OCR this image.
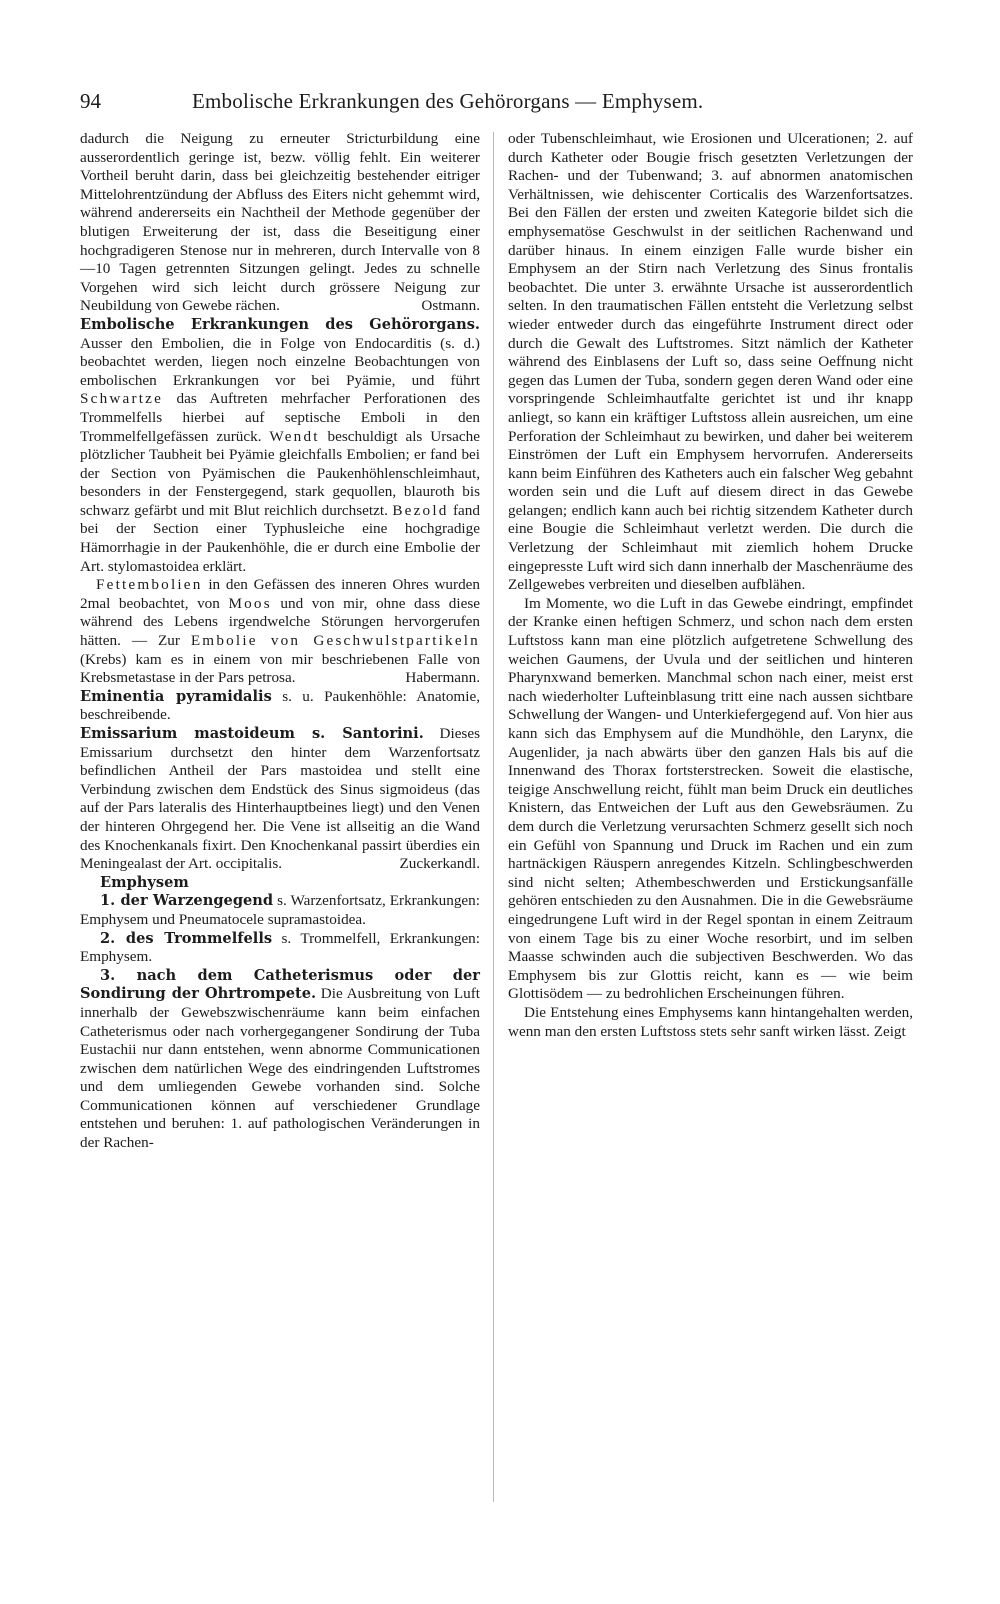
94	Embolische Erkrankungen des Gehörorgans — Emphysem.

dadurch die Neigung zu erneuter Stricturbildung eine ausserordentlich geringe ist, bezw. völlig fehlt. Ein weiterer Vortheil beruht darin, dass bei gleichzeitig bestehender eitriger Mittelohrentzündung der Abfluss des Eiters nicht gehemmt wird, während andererseits ein Nachtheil der Methode gegenüber der blutigen Erweiterung der ist, dass die Beseitigung einer hochgradigeren Stenose nur in mehreren, durch Intervalle von 8—10 Tagen getrennten Sitzungen gelingt. Jedes zu schnelle Vorgehen wird sich leicht durch grössere Neigung zur Neubildung von Gewebe rächen.	Ostmann.

Embolische Erkrankungen des Gehörorgans. Ausser den Embolien, die in Folge von Endocarditis (s. d.) beobachtet werden, liegen noch einzelne Beobachtungen von embolischen Erkrankungen vor bei Pyämie, und führt Schwartze das Auftreten mehrfacher Perforationen des Trommelfells hierbei auf septische Emboli in den Trommelfellgefässen zurück. Wendt beschuldigt als Ursache plötzlicher Taubheit bei Pyämie gleichfalls Embolien; er fand bei der Section von Pyämischen die Paukenhöhlenschleimhaut, besonders in der Fenstergegend, stark gequollen, blauroth bis schwarz gefärbt und mit Blut reichlich durchsetzt. Bezold fand bei der Section einer Typhusleiche eine hochgradige Hämorrhagie in der Paukenhöhle, die er durch eine Embolie der Art. stylomastoidea erklärt.

Fettembolien in den Gefässen des inneren Ohres wurden 2mal beobachtet, von Moos und von mir, ohne dass diese während des Lebens irgendwelche Störungen hervorgerufen hätten. — Zur Embolie von Geschwulstpartikeln (Krebs) kam es in einem von mir beschriebenen Falle von Krebsmetastase in der Pars petrosa.	Habermann.

Eminentia pyramidalis s. u. Paukenhöhle: Anatomie, beschreibende.

Emissarium mastoideum s. Santorini. Dieses Emissarium durchsetzt den hinter dem Warzenfortsatz befindlichen Antheil der Pars mastoidea und stellt eine Verbindung zwischen dem Endstück des Sinus sigmoideus (das auf der Pars lateralis des Hinterhauptbeines liegt) und den Venen der hinteren Ohrgegend her. Die Vene ist allseitig an die Wand des Knochenkanals fixirt. Den Knochenkanal passirt überdies ein Meningealast der Art. occipitalis.	Zuckerkandl.

Emphysem

1. der Warzengegend s. Warzenfortsatz, Erkrankungen: Emphysem und Pneumatocele supramastoidea.

2. des Trommelfells s. Trommelfell, Erkrankungen: Emphysem.

3. nach dem Catheterismus oder der Sondirung der Ohrtrompete. Die Ausbreitung von Luft innerhalb der Gewebszwischenräume kann beim einfachen Catheterismus oder nach vorhergegangener Sondirung der Tuba Eustachii nur dann entstehen, wenn abnorme Communicationen zwischen dem natürlichen Wege des eindringenden Luftstromes und dem umliegenden Gewebe vorhanden sind. Solche Communicationen können auf verschiedener Grundlage entstehen und beruhen: 1. auf pathologischen Veränderungen in der Rachen-

oder Tubenschleimhaut, wie Erosionen und Ulcerationen; 2. auf durch Katheter oder Bougie frisch gesetzten Verletzungen der Rachen- und der Tubenwand; 3. auf abnormen anatomischen Verhältnissen, wie dehiscenter Corticalis des Warzenfortsatzes. Bei den Fällen der ersten und zweiten Kategorie bildet sich die emphysematöse Geschwulst in der seitlichen Rachenwand und darüber hinaus. In einem einzigen Falle wurde bisher ein Emphysem an der Stirn nach Verletzung des Sinus frontalis beobachtet. Die unter 3. erwähnte Ursache ist ausserordentlich selten. In den traumatischen Fällen entsteht die Verletzung selbst wieder entweder durch das eingeführte Instrument direct oder durch die Gewalt des Luftstromes. Sitzt nämlich der Katheter während des Einblasens der Luft so, dass seine Oeffnung nicht gegen das Lumen der Tuba, sondern gegen deren Wand oder eine vorspringende Schleimhautfalte gerichtet ist und ihr knapp anliegt, so kann ein kräftiger Luftstoss allein ausreichen, um eine Perforation der Schleimhaut zu bewirken, und daher bei weiterem Einströmen der Luft ein Emphysem hervorrufen. Andererseits kann beim Einführen des Katheters auch ein falscher Weg gebahnt worden sein und die Luft auf diesem direct in das Gewebe gelangen; endlich kann auch bei richtig sitzendem Katheter durch eine Bougie die Schleimhaut verletzt werden. Die durch die Verletzung der Schleimhaut mit ziemlich hohem Drucke eingepresste Luft wird sich dann innerhalb der Maschenräume des Zellgewebes verbreiten und dieselben aufblähen.

Im Momente, wo die Luft in das Gewebe eindringt, empfindet der Kranke einen heftigen Schmerz, und schon nach dem ersten Luftstoss kann man eine plötzlich aufgetretene Schwellung des weichen Gaumens, der Uvula und der seitlichen und hinteren Pharynxwand bemerken. Manchmal schon nach einer, meist erst nach wiederholter Lufteinblasung tritt eine nach aussen sichtbare Schwellung der Wangen- und Unterkiefergegend auf. Von hier aus kann sich das Emphysem auf die Mundhöhle, den Larynx, die Augenlider, ja nach abwärts über den ganzen Hals bis auf die Innenwand des Thorax fortsterstrecken. Soweit die elastische, teigige Anschwellung reicht, fühlt man beim Druck ein deutliches Knistern, das Entweichen der Luft aus den Gewebsräumen. Zu dem durch die Verletzung verursachten Schmerz gesellt sich noch ein Gefühl von Spannung und Druck im Rachen und ein zum hartnäckigen Räuspern anregendes Kitzeln. Schlingbeschwerden sind nicht selten; Athembeschwerden und Erstickungsanfälle gehören entschieden zu den Ausnahmen. Die in die Gewebsräume eingedrungene Luft wird in der Regel spontan in einem Zeitraum von einem Tage bis zu einer Woche resorbirt, und im selben Maasse schwinden auch die subjectiven Beschwerden. Wo das Emphysem bis zur Glottis reicht, kann es — wie beim Glottisödem — zu bedrohlichen Erscheinungen führen.

Die Entstehung eines Emphysems kann hintangehalten werden, wenn man den ersten Luftstoss stets sehr sanft wirken lässt. Zeigt
